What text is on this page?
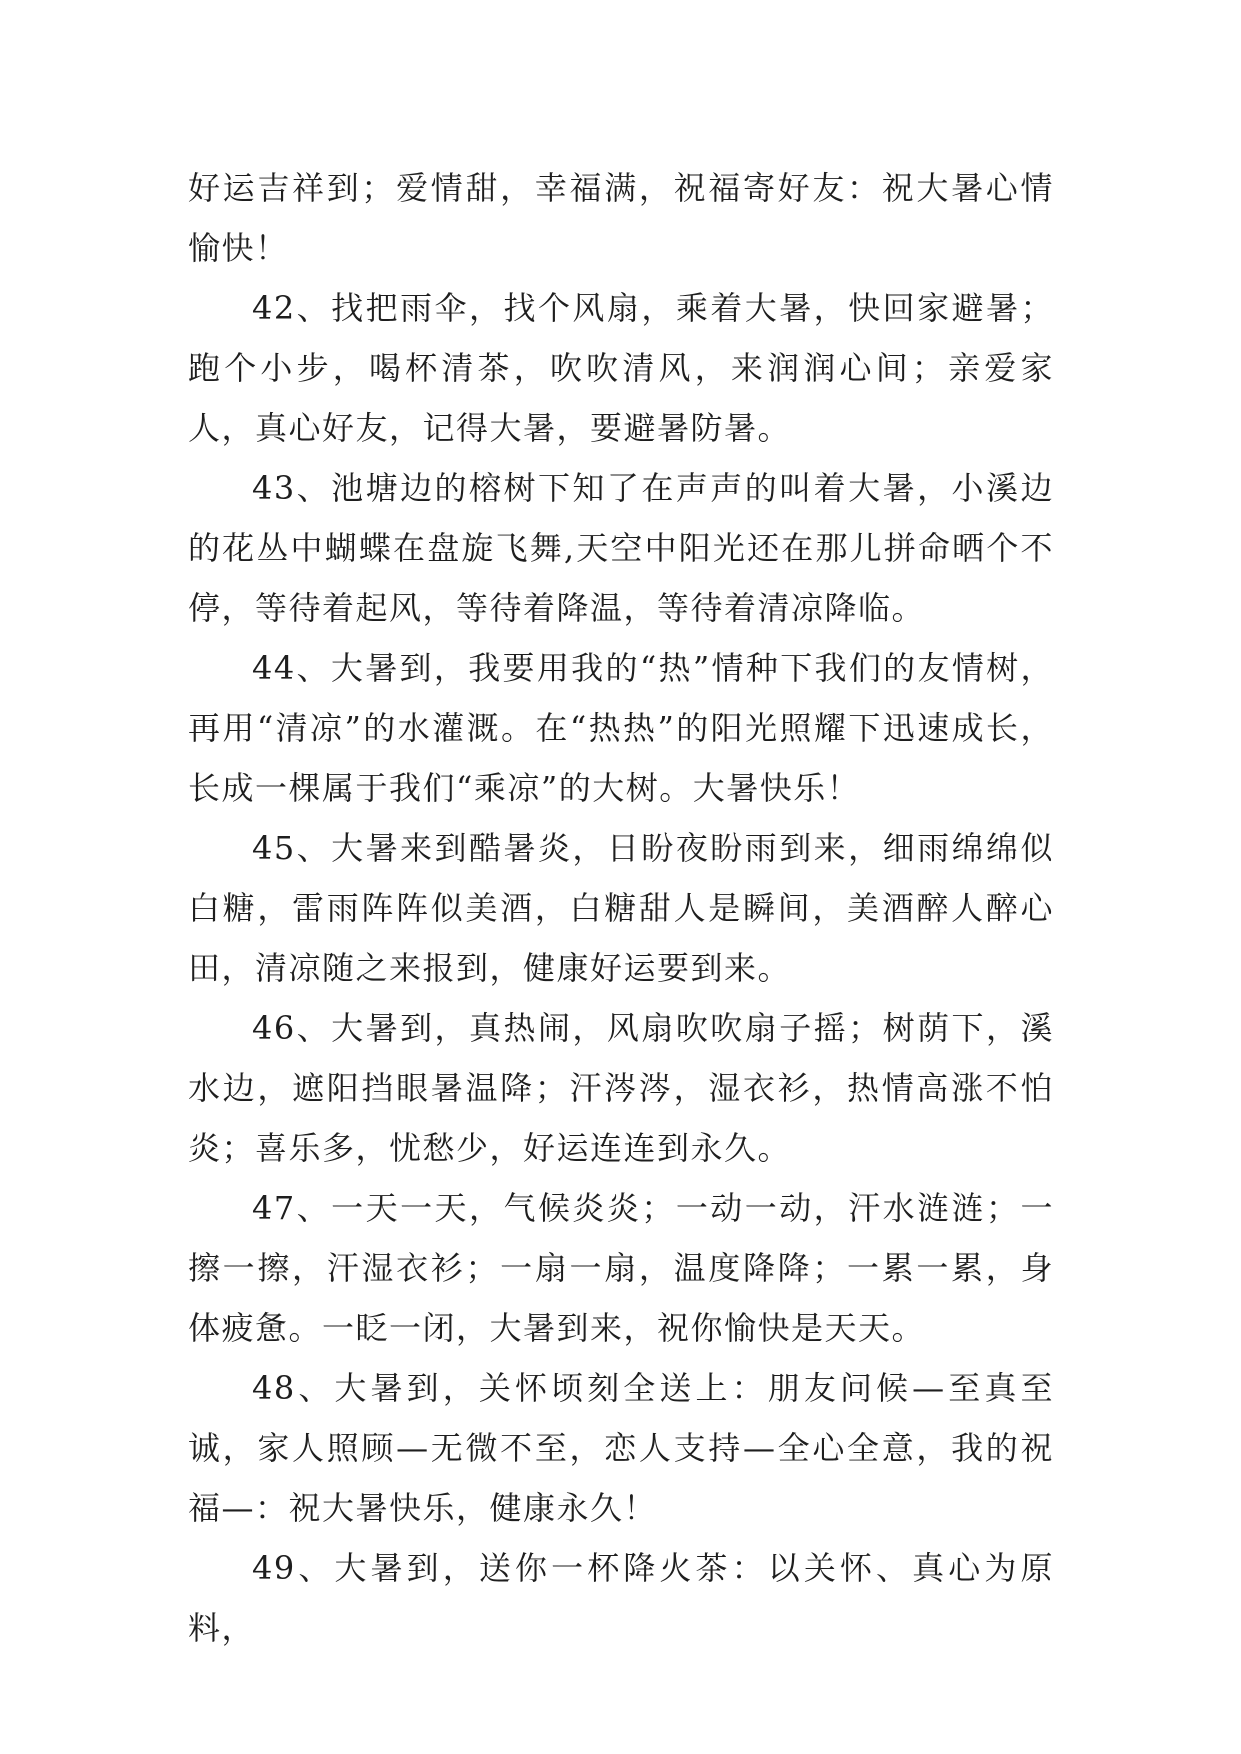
好运吉祥到；爱情甜，幸福满，祝福寄好友：祝大暑心情愉快！

42、找把雨伞，找个风扇，乘着大暑，快回家避暑；跑个小步，喝杯清茶，吹吹清风，来润润心间；亲爱家人，真心好友，记得大暑，要避暑防暑。

43、池塘边的榕树下知了在声声的叫着大暑，小溪边的花丛中蝴蝶在盘旋飞舞,天空中阳光还在那儿拼命晒个不停，等待着起风，等待着降温，等待着清凉降临。

44、大暑到，我要用我的“热”情种下我们的友情树，再用“清凉”的水灌溉。在“热热”的阳光照耀下迅速成长，长成一棵属于我们“乘凉”的大树。大暑快乐！

45、大暑来到酷暑炎，日盼夜盼雨到来，细雨绵绵似白糖，雷雨阵阵似美酒，白糖甜人是瞬间，美酒醉人醉心田，清凉随之来报到，健康好运要到来。

46、大暑到，真热闹，风扇吹吹扇子摇；树荫下，溪水边，遮阳挡眼暑温降；汗涔涔，湿衣衫，热情高涨不怕炎；喜乐多，忧愁少，好运连连到永久。

47、一天一天，气候炎炎；一动一动，汗水涟涟；一擦一擦，汗湿衣衫；一扇一扇，温度降降；一累一累，身体疲惫。一眨一闭，大暑到来，祝你愉快是天天。

48、大暑到，关怀顷刻全送上：朋友问候—至真至诚，家人照顾—无微不至，恋人支持—全心全意，我的祝福—：祝大暑快乐，健康永久！

49、大暑到，送你一杯降火茶：以关怀、真心为原料，
